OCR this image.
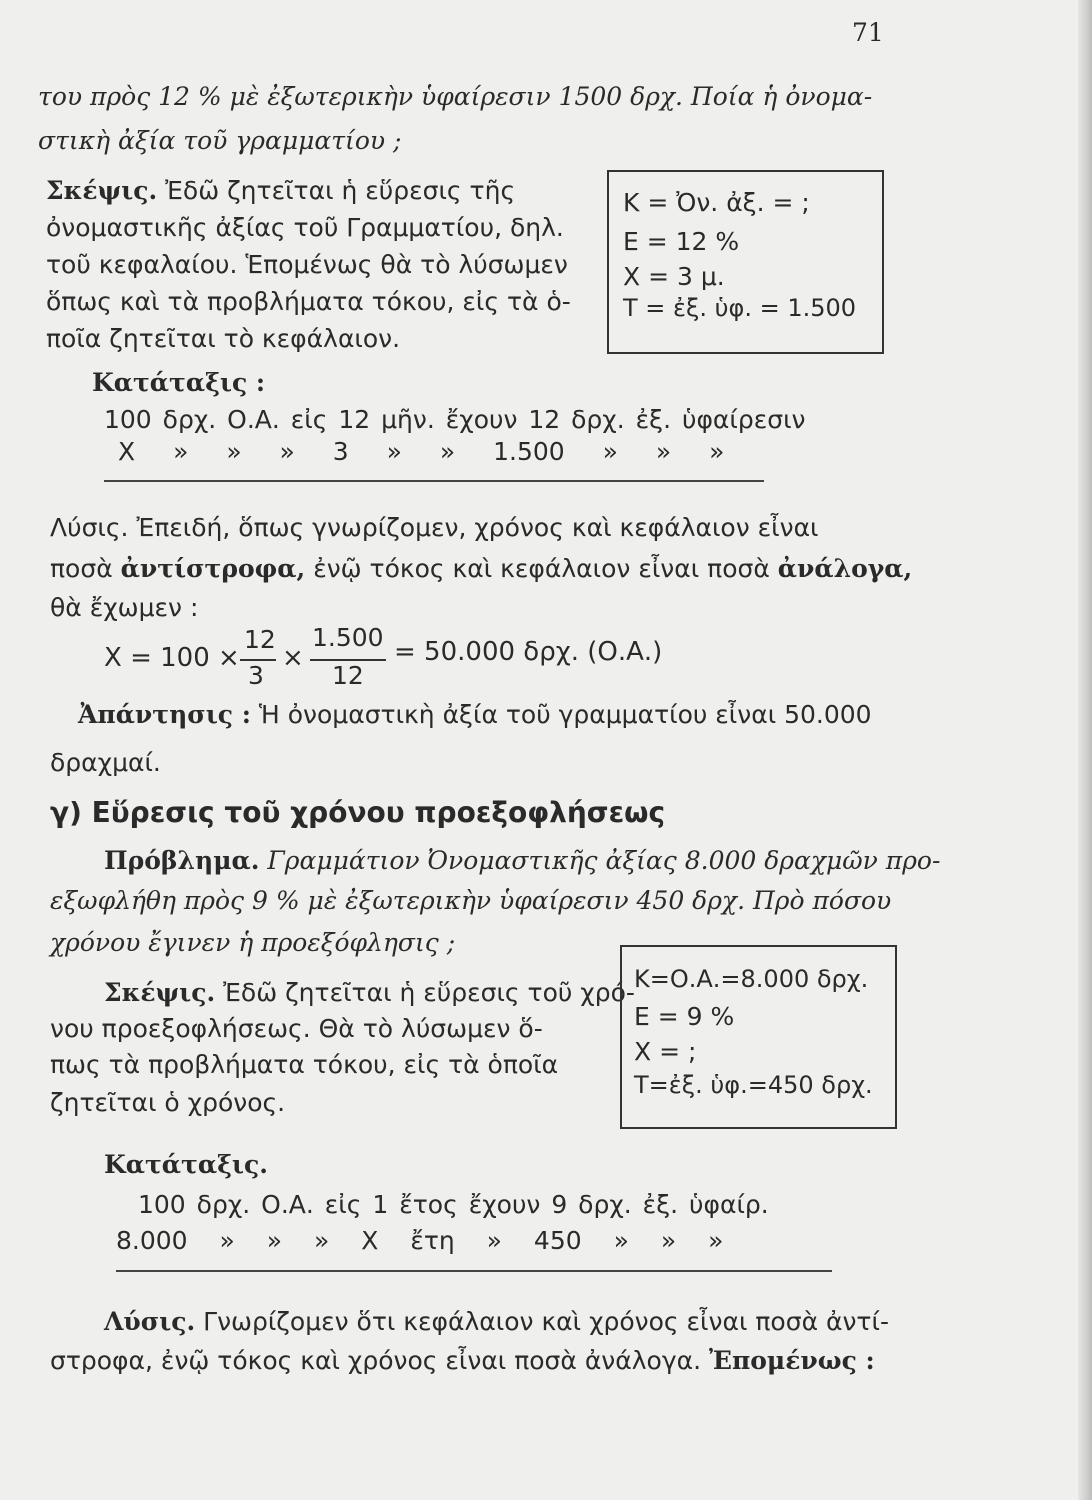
71
του πρὸς 12 % μὲ ἐξωτερικὴν ὑφαίρεσιν 1500 δρχ. Ποία ἡ ὀνομα-
στικὴ ἀξία τοῦ γραμματίου ;
Σκέψις. Ἐδῶ ζητεῖται ἡ εὕρεσις τῆς
ὀνομαστικῆς ἀξίας τοῦ Γραμματίου, δηλ.
τοῦ κεφαλαίου. Ἑπομένως θὰ τὸ λύσωμεν
ὅπως καὶ τὰ προβλήματα τόκου, εἰς τὰ ὁ-
ποῖα ζητεῖται τὸ κεφάλαιον.
Κ = Ὀν. ἀξ. = ;
Ε = 12 %
Χ = 3 μ.
Τ = ἐξ. ὑφ. = 1.500
Κατάταξις :
100 δρχ. Ο.Α. εἰς 12 μῆν. ἔχουν 12 δρχ. ἐξ. ὑφαίρεσιν
Χ » » » 3 » » 1.500 » » »
Λύσις. Ἐπειδή, ὅπως γνωρίζομεν, χρόνος καὶ κεφάλαιον εἶναι
ποσὰ ἀντίστροφα, ἐνῷ τόκος καὶ κεφάλαιον εἶναι ποσὰ ἀνάλογα,
θὰ ἔχωμεν :
Χ = 100 ×
12
3
×
1.500
12
= 50.000 δρχ. (Ο.Α.)
Ἀπάντησις : Ἡ ὀνομαστικὴ ἀξία τοῦ γραμματίου εἶναι 50.000
δραχμαί.
γ) Εὕρεσις τοῦ χρόνου προεξοφλήσεως
Πρόβλημα. Γραμμάτιον Ὀνομαστικῆς ἀξίας 8.000 δραχμῶν προ-
εξωφλήθη πρὸς 9 % μὲ ἐξωτερικὴν ὑφαίρεσιν 450 δρχ. Πρὸ πόσου
χρόνου ἔγινεν ἡ προεξόφλησις ;
Σκέψις. Ἐδῶ ζητεῖται ἡ εὕρεσις τοῦ χρό-
νου προεξοφλήσεως. Θὰ τὸ λύσωμεν ὅ-
πως τὰ προβλήματα τόκου, εἰς τὰ ὁποῖα
ζητεῖται ὁ χρόνος.
Κ=Ο.Α.=8.000 δρχ.
Ε = 9 %
Χ = ;
Τ=ἐξ. ὑφ.=450 δρχ.
Κατάταξις.
100 δρχ. Ο.Α. εἰς 1 ἔτος ἔχουν 9 δρχ. ἐξ. ὑφαίρ.
8.000 » » » Χ ἔτη » 450 » » »
Λύσις. Γνωρίζομεν ὅτι κεφάλαιον καὶ χρόνος εἶναι ποσὰ ἀντί-
στροφα, ἐνῷ τόκος καὶ χρόνος εἶναι ποσὰ ἀνάλογα. Ἐπομένως :
